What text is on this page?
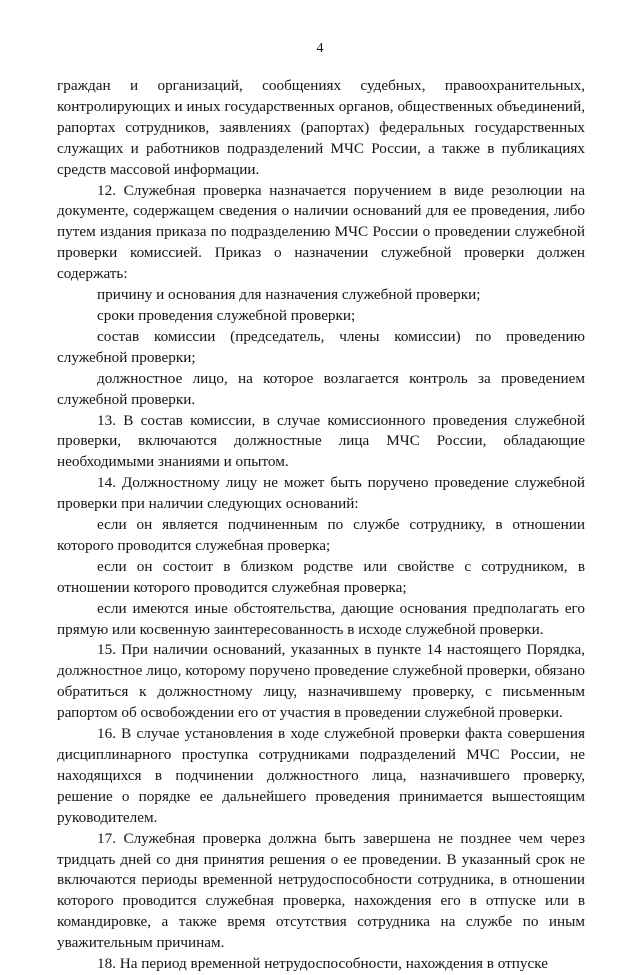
4

граждан и организаций, сообщениях судебных, правоохранительных, контролирующих и иных государственных органов, общественных объединений, рапортах сотрудников, заявлениях (рапортах) федеральных государственных служащих и работников подразделений МЧС России, а также в публикациях средств массовой информации.

12. Служебная проверка назначается поручением в виде резолюции на документе, содержащем сведения о наличии оснований для ее проведения, либо путем издания приказа по подразделению МЧС России о проведении служебной проверки комиссией. Приказ о назначении служебной проверки должен содержать:

причину и основания для назначения служебной проверки;

сроки проведения служебной проверки;

состав комиссии (председатель, члены комиссии) по проведению служебной проверки;

должностное лицо, на которое возлагается контроль за проведением служебной проверки.

13. В состав комиссии, в случае комиссионного проведения служебной проверки, включаются должностные лица МЧС России, обладающие необходимыми знаниями и опытом.

14. Должностному лицу не может быть поручено проведение служебной проверки при наличии следующих оснований:

если он является подчиненным по службе сотруднику, в отношении которого проводится служебная проверка;

если он состоит в близком родстве или свойстве с сотрудником, в отношении которого проводится служебная проверка;

если имеются иные обстоятельства, дающие основания предполагать его прямую или косвенную заинтересованность в исходе служебной проверки.

15. При наличии оснований, указанных в пункте 14 настоящего Порядка, должностное лицо, которому поручено проведение служебной проверки, обязано обратиться к должностному лицу, назначившему проверку, с письменным рапортом об освобождении его от участия в проведении служебной проверки.

16. В случае установления в ходе служебной проверки факта совершения дисциплинарного проступка сотрудниками подразделений МЧС России, не находящихся в подчинении должностного лица, назначившего проверку, решение о порядке ее дальнейшего проведения принимается вышестоящим руководителем.

17. Служебная проверка должна быть завершена не позднее чем через тридцать дней со дня принятия решения о ее проведении. В указанный срок не включаются периоды временной нетрудоспособности сотрудника, в отношении которого проводится служебная проверка, нахождения его в отпуске или в командировке, а также время отсутствия сотрудника на службе по иным уважительным причинам.

18. На период временной нетрудоспособности, нахождения в отпуске
